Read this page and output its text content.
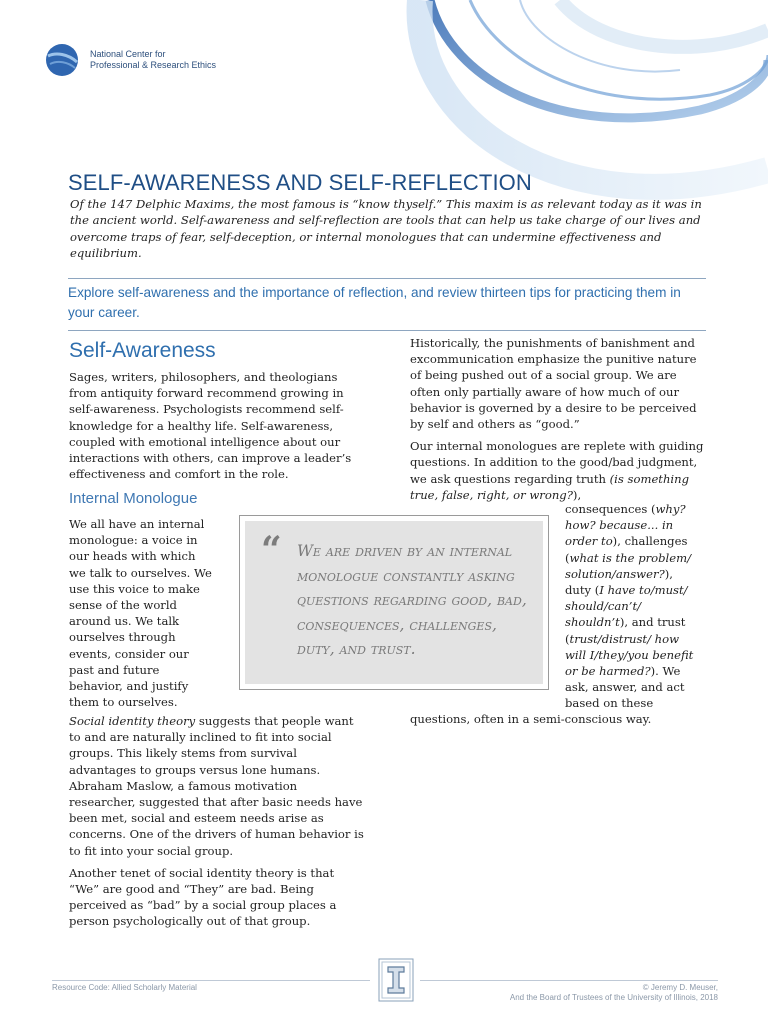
National Center for
Professional & Research Ethics
SELF-AWARENESS AND SELF-REFLECTION
Of the 147 Delphic Maxims, the most famous is “know thyself.” This maxim is as relevant today as it was in the ancient world. Self-awareness and self-reflection are tools that can help us take charge of our lives and overcome traps of fear, self-deception, or internal monologues that can undermine effectiveness and equilibrium.
Explore self-awareness and the importance of reflection, and review thirteen tips for practicing them in your career.
Self-Awareness

Sages, writers, philosophers, and theologians from antiquity forward recommend growing in self-awareness. Psychologists recommend self-knowledge for a healthy life. Self-awareness, coupled with emotional intelligence about our interactions with others, can improve a leader’s effectiveness and comfort in the role.

Internal Monologue
We all have an internal
monologue: a voice in
our heads with which
we talk to ourselves. We
use this voice to make
sense of the world
around us. We talk
ourselves through
events, consider our
past and future
behavior, and justify
them to ourselves.

Social identity theory suggests that people want to and are naturally inclined to fit into social groups. This likely stems from survival advantages to groups versus lone humans. Abraham Maslow, a famous motivation researcher, suggested that after basic needs have been met, social and esteem needs arise as concerns. One of the drivers of human behavior is to fit into your social group.

Another tenet of social identity theory is that “We” are good and “They” are bad. Being perceived as “bad” by a social group places a person psychologically out of that group.

Historically, the punishments of banishment and excommunication emphasize the punitive nature of being pushed out of a social group. We are often only partially aware of how much of our behavior is governed by a desire to be perceived by self and others as “good.”

Our internal monologues are replete with guiding questions. In addition to the good/bad judgment, we ask questions regarding truth (is something true, false, right, or wrong?),

consequences (why?
how? because... in
order to), challenges
(what is the problem/
solution/answer?),
duty (I have to/must/
should/can’t/
shouldn’t), and trust
(trust/distrust/ how
will I/they/you benefit
or be harmed?). We
ask, answer, and act
based on these
questions, often in a semi-conscious way.
“ We are driven by an internal monologue constantly asking questions regarding good, bad, consequences, challenges, duty, and trust.
Resource Code: Allied Scholarly Material	© Jeremy D. Meuser,
And the Board of Trustees of the University of Illinois, 2018
